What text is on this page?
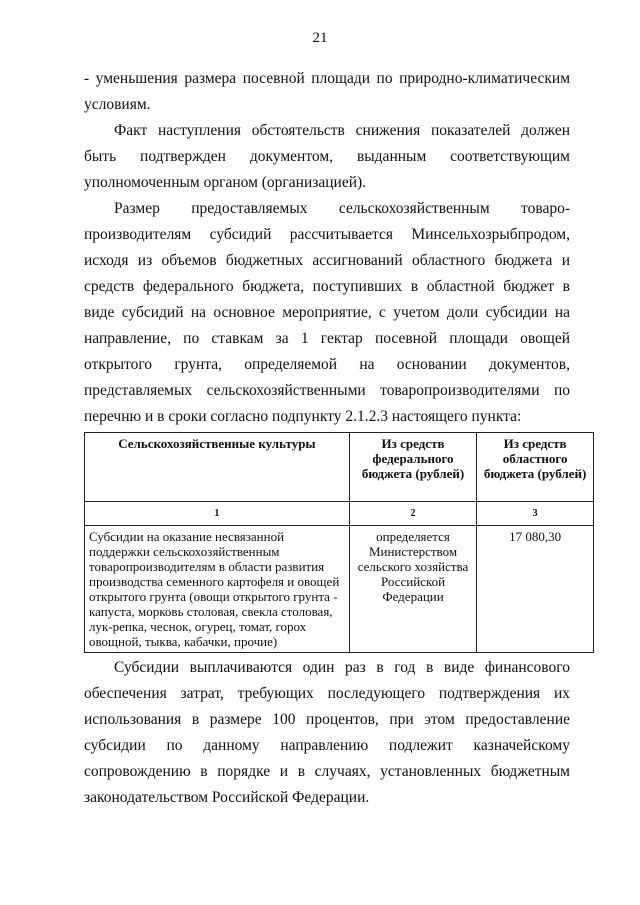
21

- уменьшения размера посевной площади по природно-климатическим условиям.

Факт наступления обстоятельств снижения показателей должен быть подтвержден документом, выданным соответствующим уполномоченным органом (организацией).

Размер предоставляемых сельскохозяйственным товаро-производителям субсидий рассчитывается Минсельхозрыбпродом, исходя из объемов бюджетных ассигнований областного бюджета и средств федерального бюджета, поступивших в областной бюджет в виде субсидий на основное мероприятие, с учетом доли субсидии на направление, по ставкам за 1 гектар посевной площади овощей открытого грунта, определяемой на основании документов, представляемых сельскохозяйственными товаропроизводителями по перечню и в сроки согласно подпункту 2.1.2.3 настоящего пункта:

Сельскохозяйственные культуры	Из средств федерального бюджета (рублей)	Из средств областного бюджета (рублей)
1	2	3
Субсидии на оказание несвязанной поддержки сельскохозяйственным товаропроизводителям в области развития производства семенного картофеля и овощей открытого грунта (овощи открытого грунта - капуста, морковь столовая, свекла столовая, лук-репка, чеснок, огурец, томат, горох овощной, тыква, кабачки, прочие)	определяется Министерством сельского хозяйства Российской Федерации	17 080,30

Субсидии выплачиваются один раз в год в виде финансового обеспечения затрат, требующих последующего подтверждения их использования в размере 100 процентов, при этом предоставление субсидии по данному направлению подлежит казначейскому сопровождению в порядке и в случаях, установленных бюджетным законодательством Российской Федерации.
